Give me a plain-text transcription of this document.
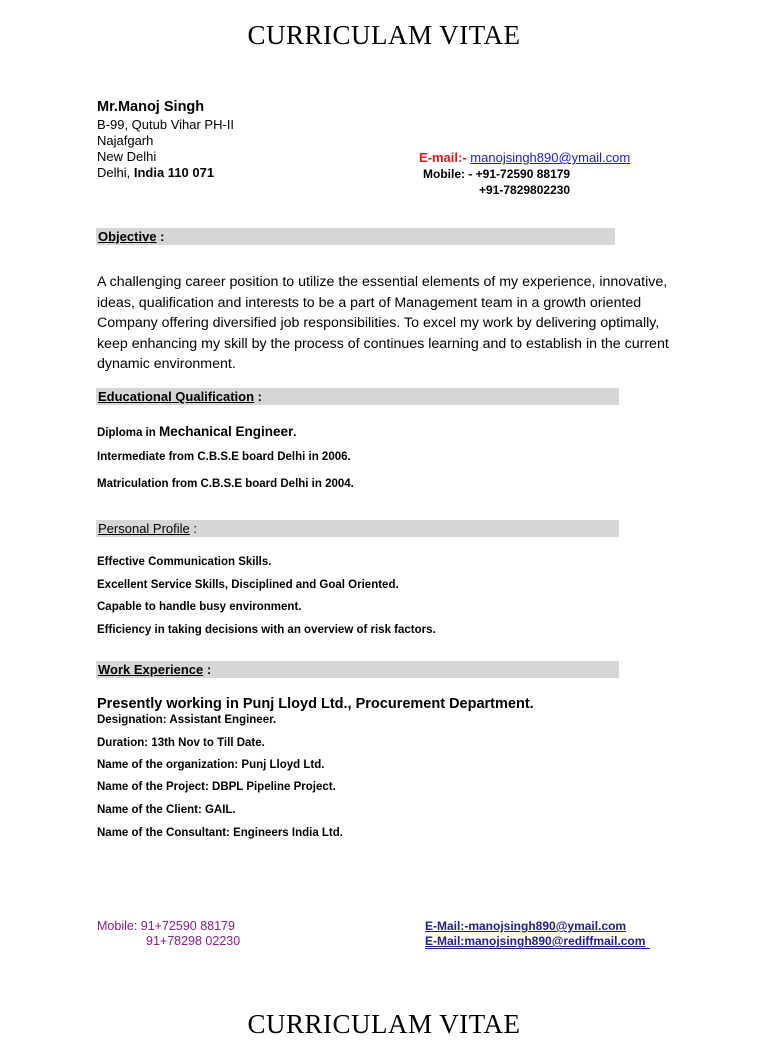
CURRICULAM VITAE
Mr.Manoj Singh
B-99, Qutub Vihar PH-II
Najafgarh
New Delhi
Delhi, India 110 071
E-mail:- manojsingh890@ymail.com
Mobile: - +91-72590 88179
+91-7829802230
Objective :
A challenging career position to utilize the essential elements of my experience, innovative, ideas, qualification and interests to be a part of Management team in a growth oriented Company offering diversified job responsibilities. To excel my work by delivering optimally, keep enhancing my skill by the process of continues learning and to establish in the current dynamic environment.
Educational Qualification :
Diploma in Mechanical Engineer.
Intermediate from C.B.S.E board Delhi in 2006.
Matriculation from C.B.S.E board Delhi in 2004.
Personal Profile :
Effective Communication Skills.
Excellent Service Skills, Disciplined and Goal Oriented.
Capable to handle busy environment.
Efficiency in taking decisions with an overview of risk factors.
Work Experience :
Presently working in Punj Lloyd Ltd., Procurement Department.
Designation: Assistant Engineer.
Duration: 13th Nov to Till Date.
Name of the organization: Punj Lloyd Ltd.
Name of the Project: DBPL Pipeline Project.
Name of the Client: GAIL.
Name of the Consultant: Engineers India Ltd.
Mobile: 91+72590 88179
91+78298 02230
E-Mail:-manojsingh890@ymail.com
E-Mail:manojsingh890@rediffmail.com
CURRICULAM VITAE
